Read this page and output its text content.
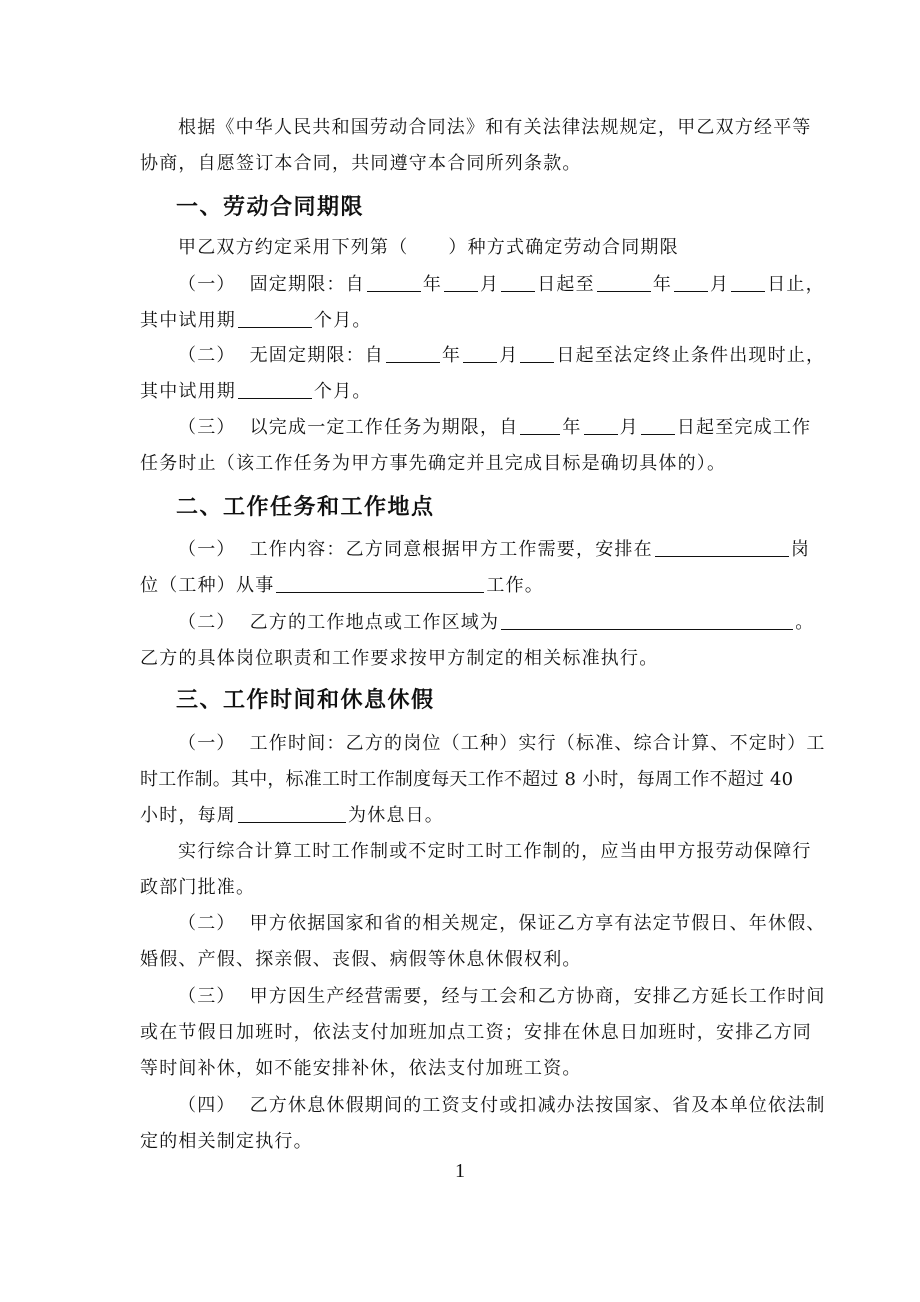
根据《中华人民共和国劳动合同法》和有关法律法规规定，甲乙双方经平等
协商，自愿签订本合同，共同遵守本合同所列条款。
一、劳动合同期限
甲乙双方约定采用下列第（ ）种方式确定劳动合同期限
（一） 固定期限：自	年 月 日起至	年 月 日止，
其中试用期	个月。
（二） 无固定期限：自	年 月 日起至法定终止条件出现时止，
其中试用期	个月。
（三） 以完成一定工作任务为期限，自 年 月 日起至完成工作
任务时止（该工作任务为甲方事先确定并且完成目标是确切具体的）。
二、工作任务和工作地点
（一） 工作内容：乙方同意根据甲方工作需要，安排在	岗
位（工种）从事	工作。
（二） 乙方的工作地点或工作区域为	。
乙方的具体岗位职责和工作要求按甲方制定的相关标准执行。
三、工作时间和休息休假
（一） 工作时间：乙方的岗位（工种）实行（标准、综合计算、不定时）工
时工作制。其中，标准工时工作制度每天工作不超过 8 小时，每周工作不超过 40
小时，每周	为休息日。
实行综合计算工时工作制或不定时工时工作制的，应当由甲方报劳动保障行
政部门批准。
（二） 甲方依据国家和省的相关规定，保证乙方享有法定节假日、年休假、
婚假、产假、探亲假、丧假、病假等休息休假权利。
（三） 甲方因生产经营需要，经与工会和乙方协商，安排乙方延长工作时间
或在节假日加班时，依法支付加班加点工资；安排在休息日加班时，安排乙方同
等时间补休，如不能安排补休，依法支付加班工资。
（四） 乙方休息休假期间的工资支付或扣减办法按国家、省及本单位依法制
定的相关制定执行。
1
